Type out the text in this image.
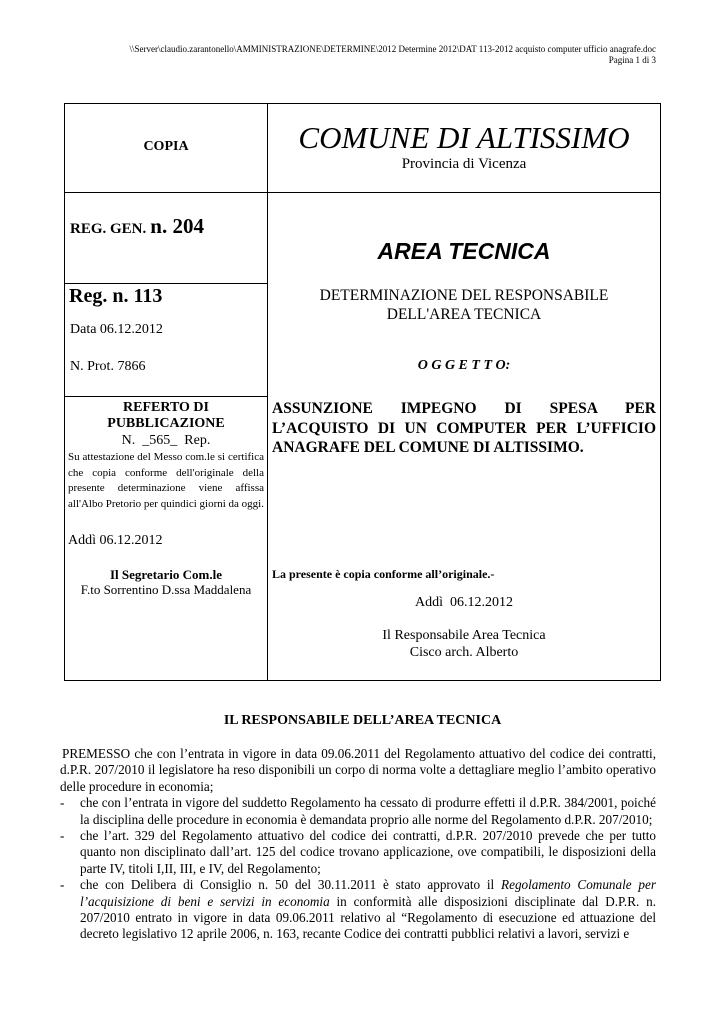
\\Server\claudio.zarantonello\AMMINISTRAZIONE\DETERMINE\2012 Determine 2012\DAT 113-2012 acquisto computer ufficio anagrafe.doc
Pagina 1 di 3
COPIA
REG. GEN. n. 204
Reg. n. 113
Data 06.12.2012
N. Prot. 7866
REFERTO DI
PUBBLICAZIONE
N.  _565_  Rep.
Su attestazione del Messo com.le si certifica che copia conforme dell'originale della presente determinazione viene affissa all'Albo Pretorio per quindici giorni da oggi.
Addì 06.12.2012
Il Segretario Com.le
F.to Sorrentino D.ssa Maddalena
COMUNE DI ALTISSIMO
Provincia di Vicenza
AREA TECNICA
DETERMINAZIONE DEL RESPONSABILE
DELL'AREA TECNICA
O G G E T T O:
ASSUNZIONE IMPEGNO DI SPESA PER L’ACQUISTO DI UN COMPUTER PER L’UFFICIO ANAGRAFE DEL COMUNE DI ALTISSIMO.
La presente è copia conforme all’originale.-
Addì  06.12.2012
Il Responsabile Area Tecnica
Cisco arch. Alberto
IL RESPONSABILE DELL’AREA TECNICA
PREMESSO che con l’entrata in vigore in data 09.06.2011 del Regolamento attuativo del codice dei contratti, d.P.R. 207/2010 il legislatore ha reso disponibili un corpo di norma volte a dettagliare meglio l’ambito operativo delle procedure in economia;
- che con l’entrata in vigore del suddetto Regolamento ha cessato di produrre effetti il d.P.R. 384/2001, poiché la disciplina delle procedure in economia è demandata proprio alle norme del Regolamento d.P.R. 207/2010;
- che l’art. 329 del Regolamento attuativo del codice dei contratti, d.P.R. 207/2010 prevede che per tutto quanto non disciplinato dall’art. 125 del codice trovano applicazione, ove compatibili, le disposizioni della parte IV, titoli I,II, III, e IV, del Regolamento;
- che con Delibera di Consiglio n. 50 del 30.11.2011 è stato approvato il Regolamento Comunale per l’acquisizione di beni e servizi in economia in conformità alle disposizioni disciplinate dal D.P.R. n. 207/2010 entrato in vigore in data 09.06.2011 relativo al “Regolamento di esecuzione ed attuazione del decreto legislativo 12 aprile 2006, n. 163, recante Codice dei contratti pubblici relativi a lavori, servizi e
